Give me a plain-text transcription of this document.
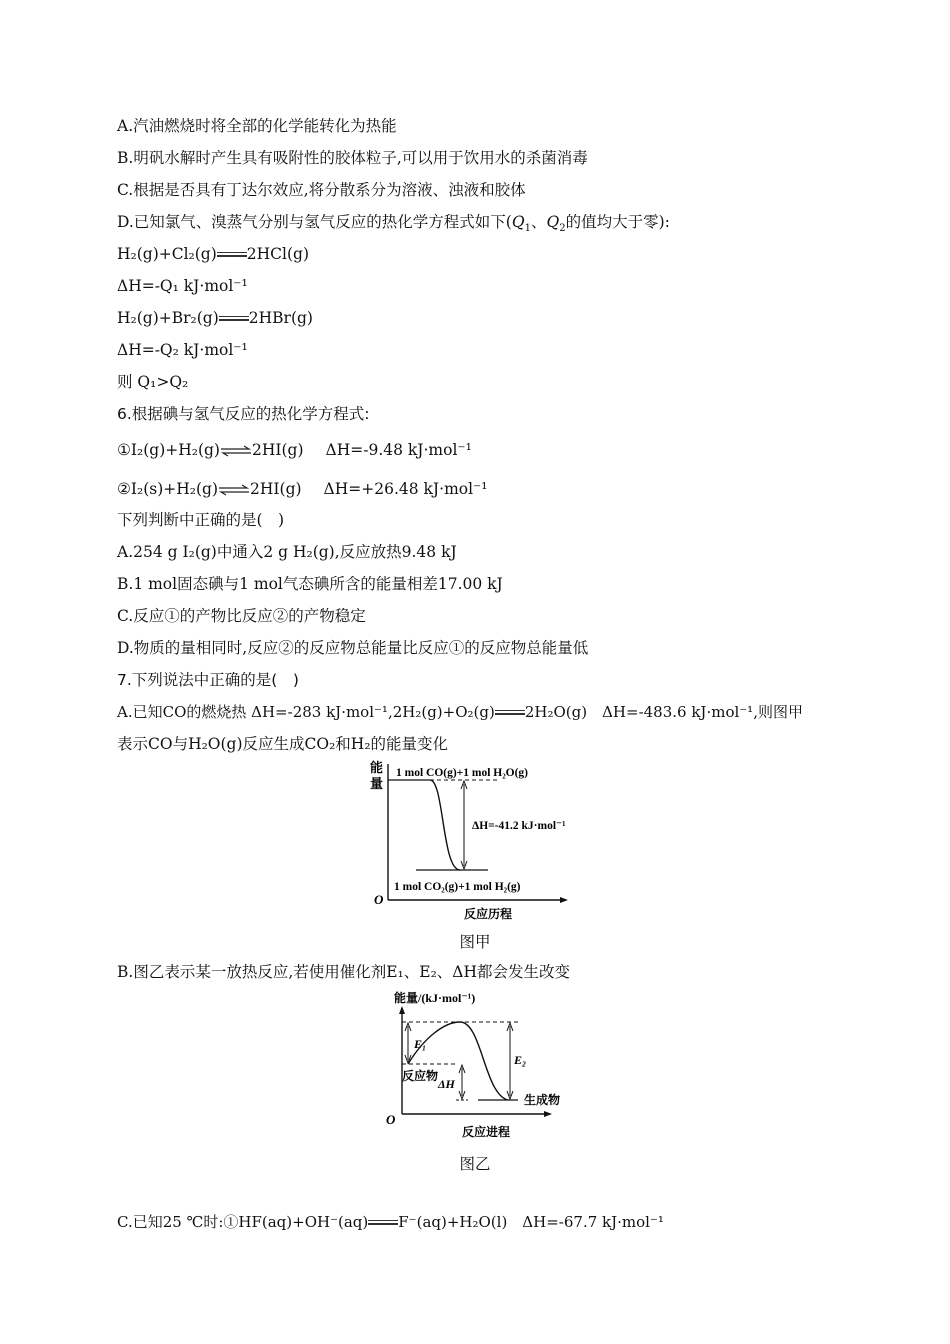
A.汽油燃烧时将全部的化学能转化为热能
B.明矾水解时产生具有吸附性的胶体粒子,可以用于饮用水的杀菌消毒
C.根据是否具有丁达尔效应,将分散系分为溶液、浊液和胶体
D.已知氯气、溴蒸气分别与氢气反应的热化学方程式如下($Q_1$、$Q_2$的值均大于零):
H₂(g)+Cl₂(g) 2HCl(g)
ΔH=-Q₁ kJ·mol⁻¹
H₂(g)+Br₂(g) 2HBr(g)
ΔH=-Q₂ kJ·mol⁻¹
则 Q₁>Q₂
6.根据碘与氢气反应的热化学方程式:
①I₂(g)+H₂(g)⇌2HI(g) ΔH=-9.48 kJ·mol⁻¹
②I₂(s)+H₂(g)⇌2HI(g) ΔH=+26.48 kJ·mol⁻¹
下列判断中正确的是(　)
A.254 g I₂(g)中通入2 g H₂(g),反应放热9.48 kJ
B.1 mol固态碘与1 mol气态碘所含的能量相差17.00 kJ
C.反应①的产物比反应②的产物稳定
D.物质的量相同时,反应②的反应物总能量比反应①的反应物总能量低
7.下列说法中正确的是(　)
A.已知CO的燃烧热 ΔH=-283 kJ·mol⁻¹,2H₂(g)+O₂(g) 2H₂O(g)　ΔH=-483.6 kJ·mol⁻¹,则图甲
表示CO与H₂O(g)反应生成CO₂和H₂的能量变化
能
量
O
1 mol CO(g)+1 mol H₂O(g)
ΔH=-41.2 kJ·mol⁻¹
1 mol CO₂(g)+1 mol H₂(g)
反应历程
图甲
B.图乙表示某一放热反应,若使用催化剂E₁、E₂、ΔH都会发生改变
能量/(kJ·mol⁻¹)
O
E₁
E₂
反应物
ΔH
生成物
反应进程
图乙
C.已知25 ℃时:①HF(aq)+OH⁻(aq) F⁻(aq)+H₂O(l)　ΔH=-67.7 kJ·mol⁻¹
